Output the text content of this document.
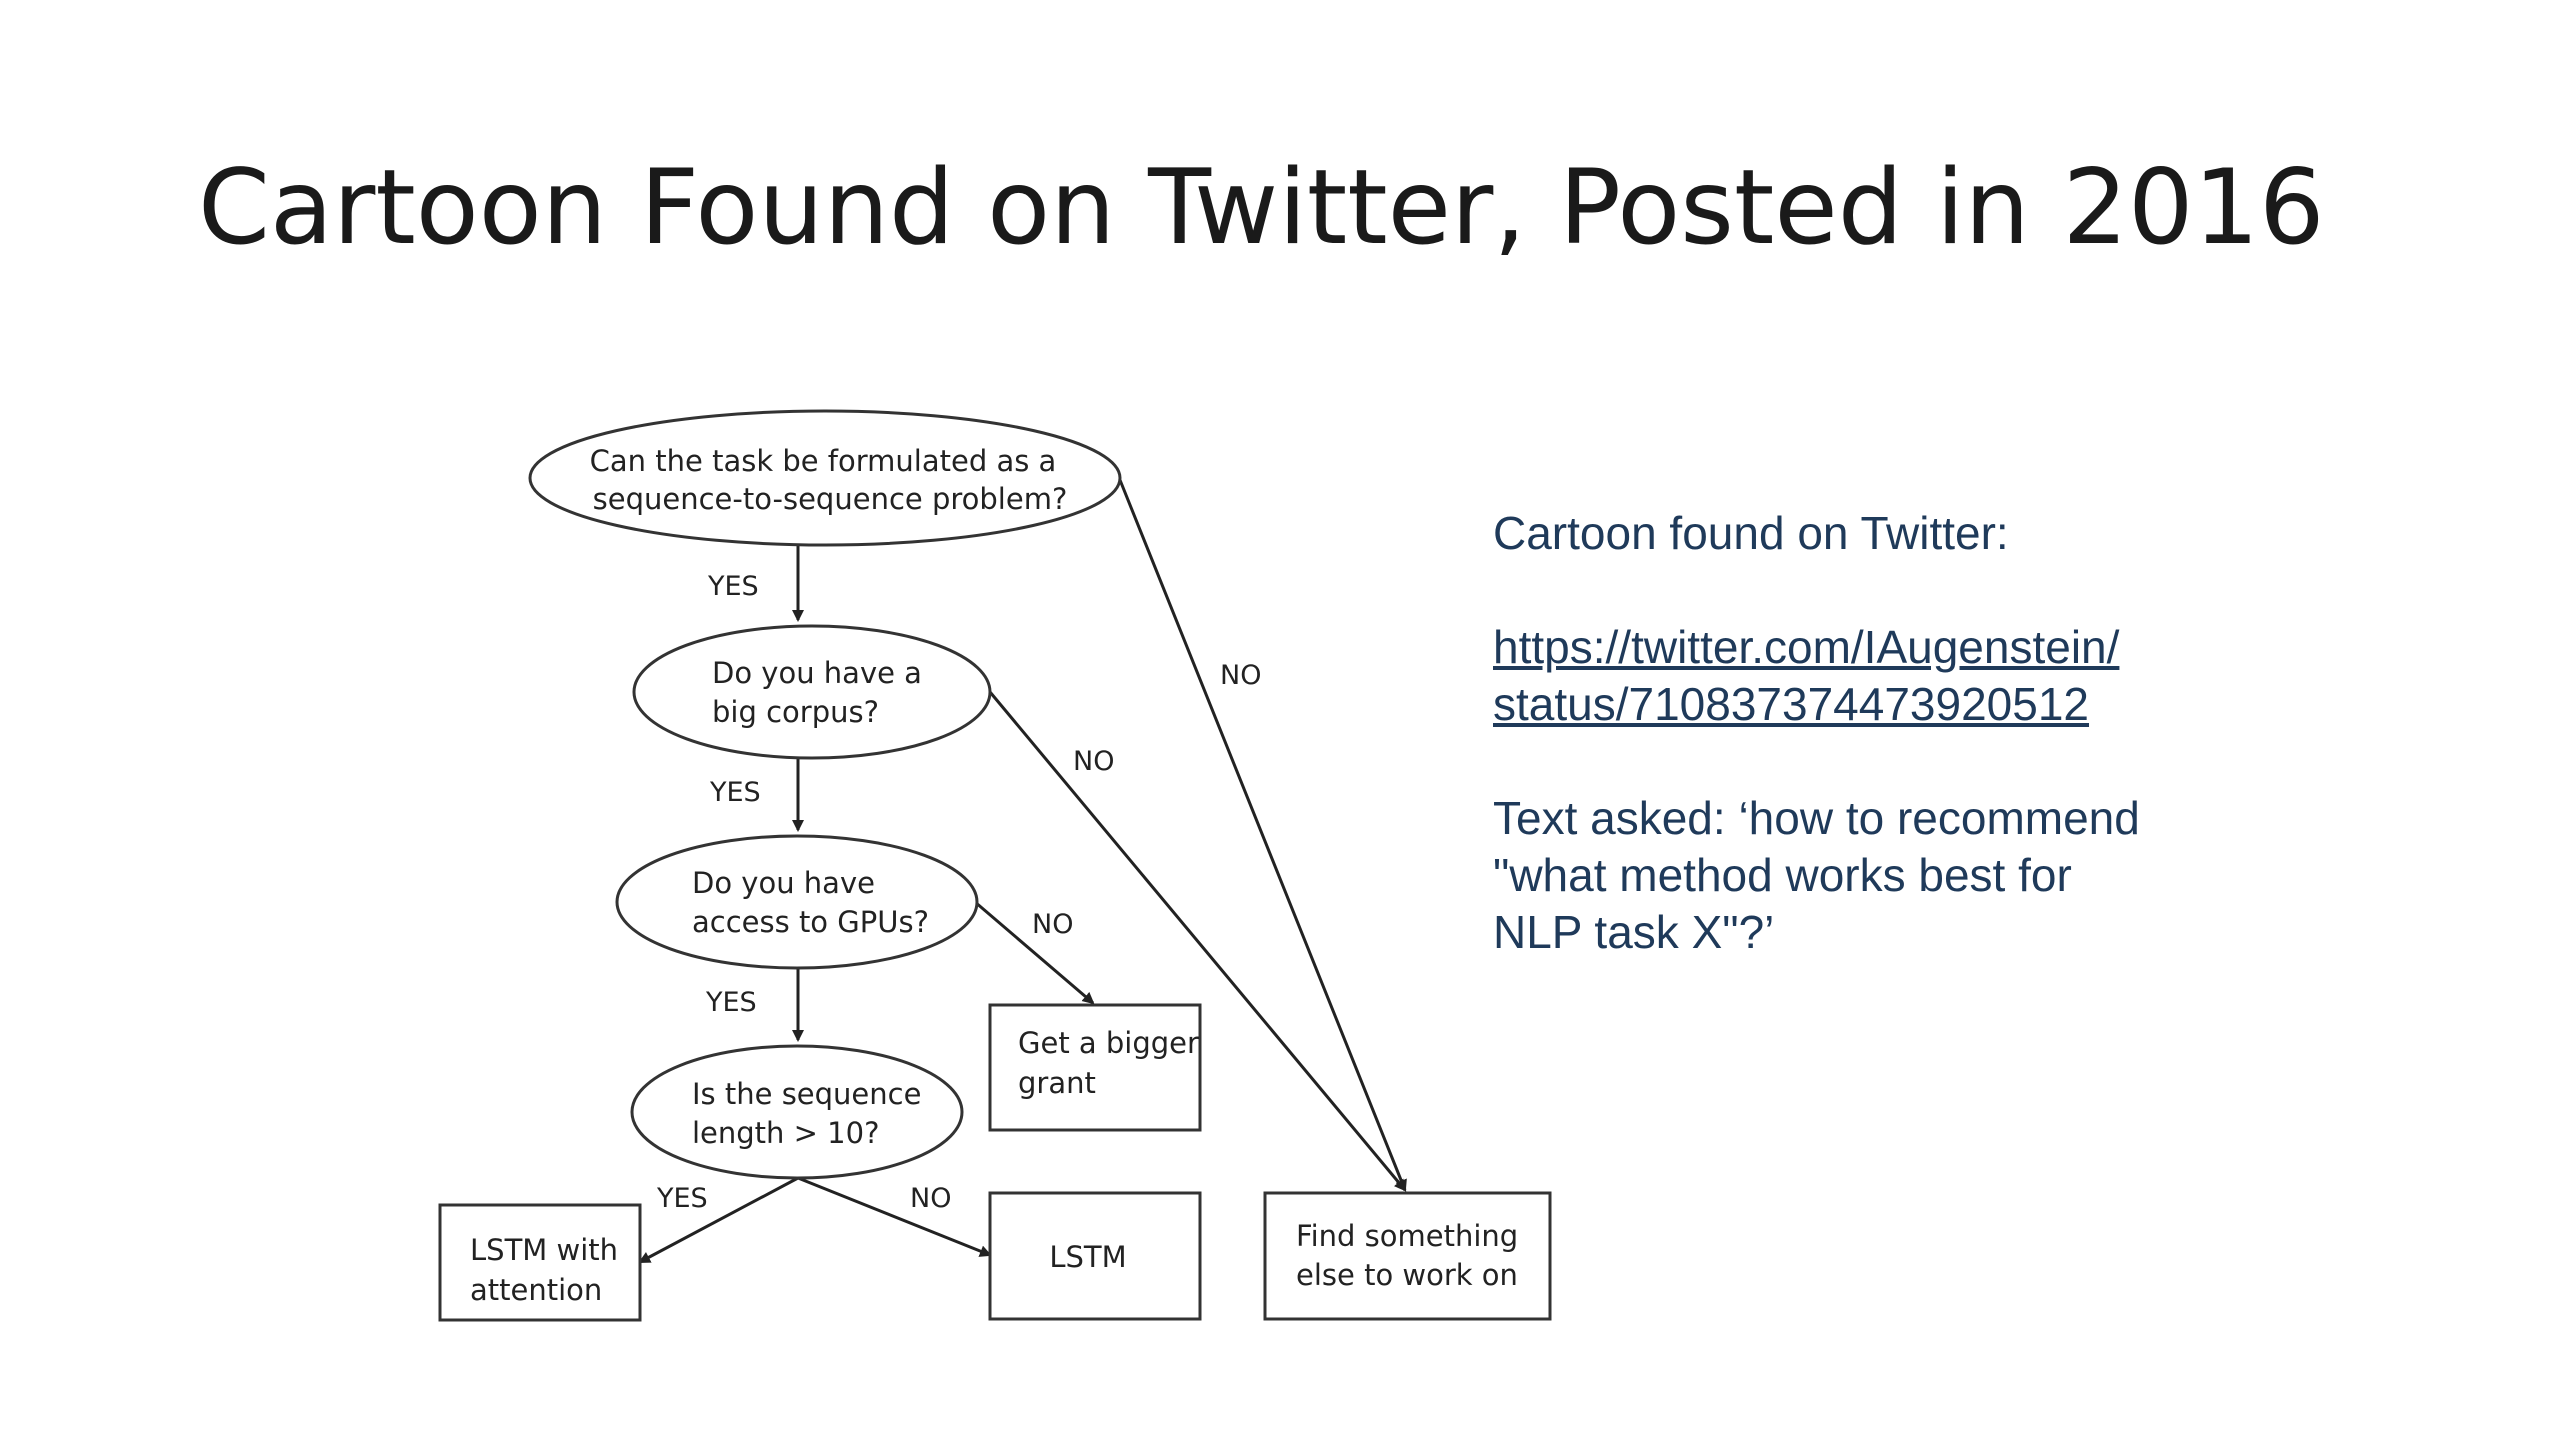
Cartoon Found on Twitter, Posted in 2016
Can the task be formulated as a
sequence-to-sequence problem?
Do you have a
big corpus?
Do you have
access to GPUs?
Is the sequence
length > 10?
Get a bigger
grant
LSTM with
attention
LSTM
Find something
else to work on
YES
NO
YES
NO
YES
NO
YES	NO

Cartoon found on Twitter:

https://twitter.com/IAugenstein/

status/710837374473920512

Text asked: ‘how to recommend

"what method works best for

NLP task X"?’
